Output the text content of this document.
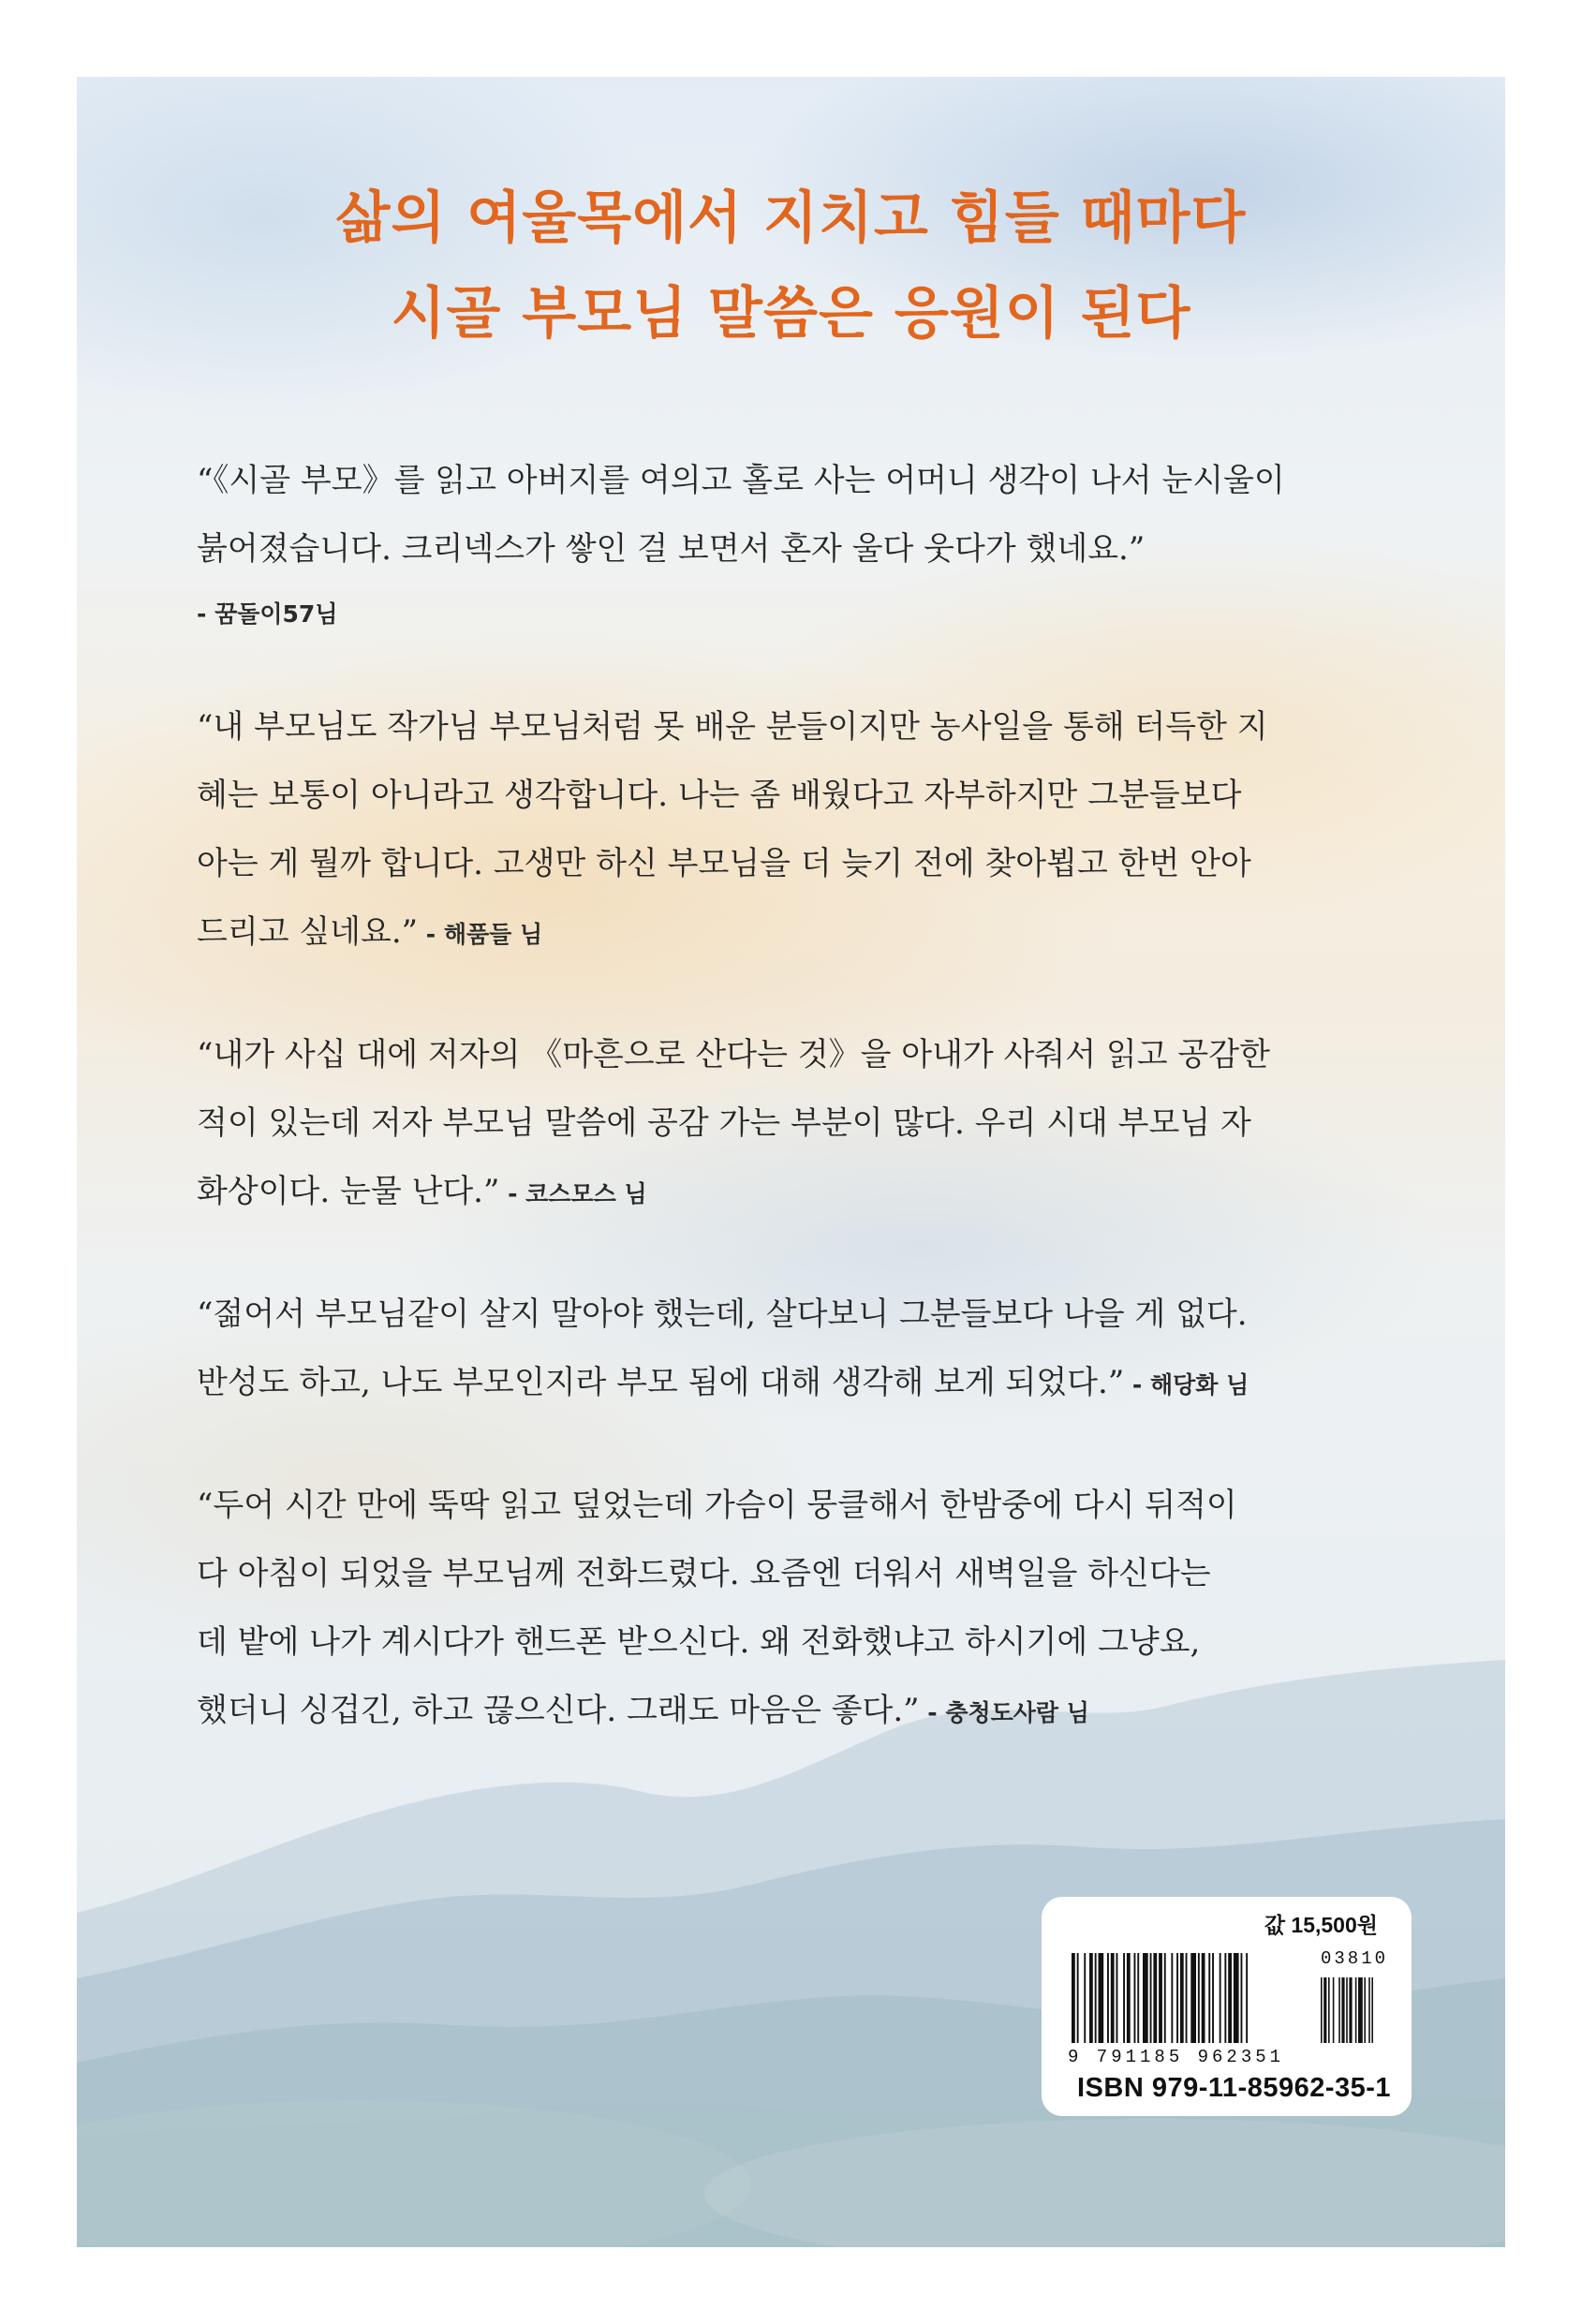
삶의 여울목에서 지치고 힘들 때마다
시골 부모님 말씀은 응원이 된다
“《시골 부모》를 읽고 아버지를 여의고 홀로 사는 어머니 생각이 나서 눈시울이
붉어졌습니다. 크리넥스가 쌓인 걸 보면서 혼자 울다 웃다가 했네요.”
- 꿈돌이57님
“내 부모님도 작가님 부모님처럼 못 배운 분들이지만 농사일을 통해 터득한 지
혜는 보통이 아니라고 생각합니다. 나는 좀 배웠다고 자부하지만 그분들보다
아는 게 뭘까 합니다. 고생만 하신 부모님을 더 늦기 전에 찾아뵙고 한번 안아
드리고 싶네요.” - 해품들 님
“내가 사십 대에 저자의 《마흔으로 산다는 것》을 아내가 사줘서 읽고 공감한
적이 있는데 저자 부모님 말씀에 공감 가는 부분이 많다. 우리 시대 부모님 자
화상이다. 눈물 난다.” - 코스모스 님
“젊어서 부모님같이 살지 말아야 했는데, 살다보니 그분들보다 나을 게 없다.
반성도 하고, 나도 부모인지라 부모 됨에 대해 생각해 보게 되었다.” - 해당화 님
“두어 시간 만에 뚝딱 읽고 덮었는데 가슴이 뭉클해서 한밤중에 다시 뒤적이
다 아침이 되었을 부모님께 전화드렸다. 요즘엔 더워서 새벽일을 하신다는
데 밭에 나가 계시다가 핸드폰 받으신다. 왜 전화했냐고 하시기에 그냥요,
했더니 싱겁긴, 하고 끊으신다. 그래도 마음은 좋다.” - 충청도사람 님
값 15,500원
03810
9 791185 962351
ISBN 979-11-85962-35-1
